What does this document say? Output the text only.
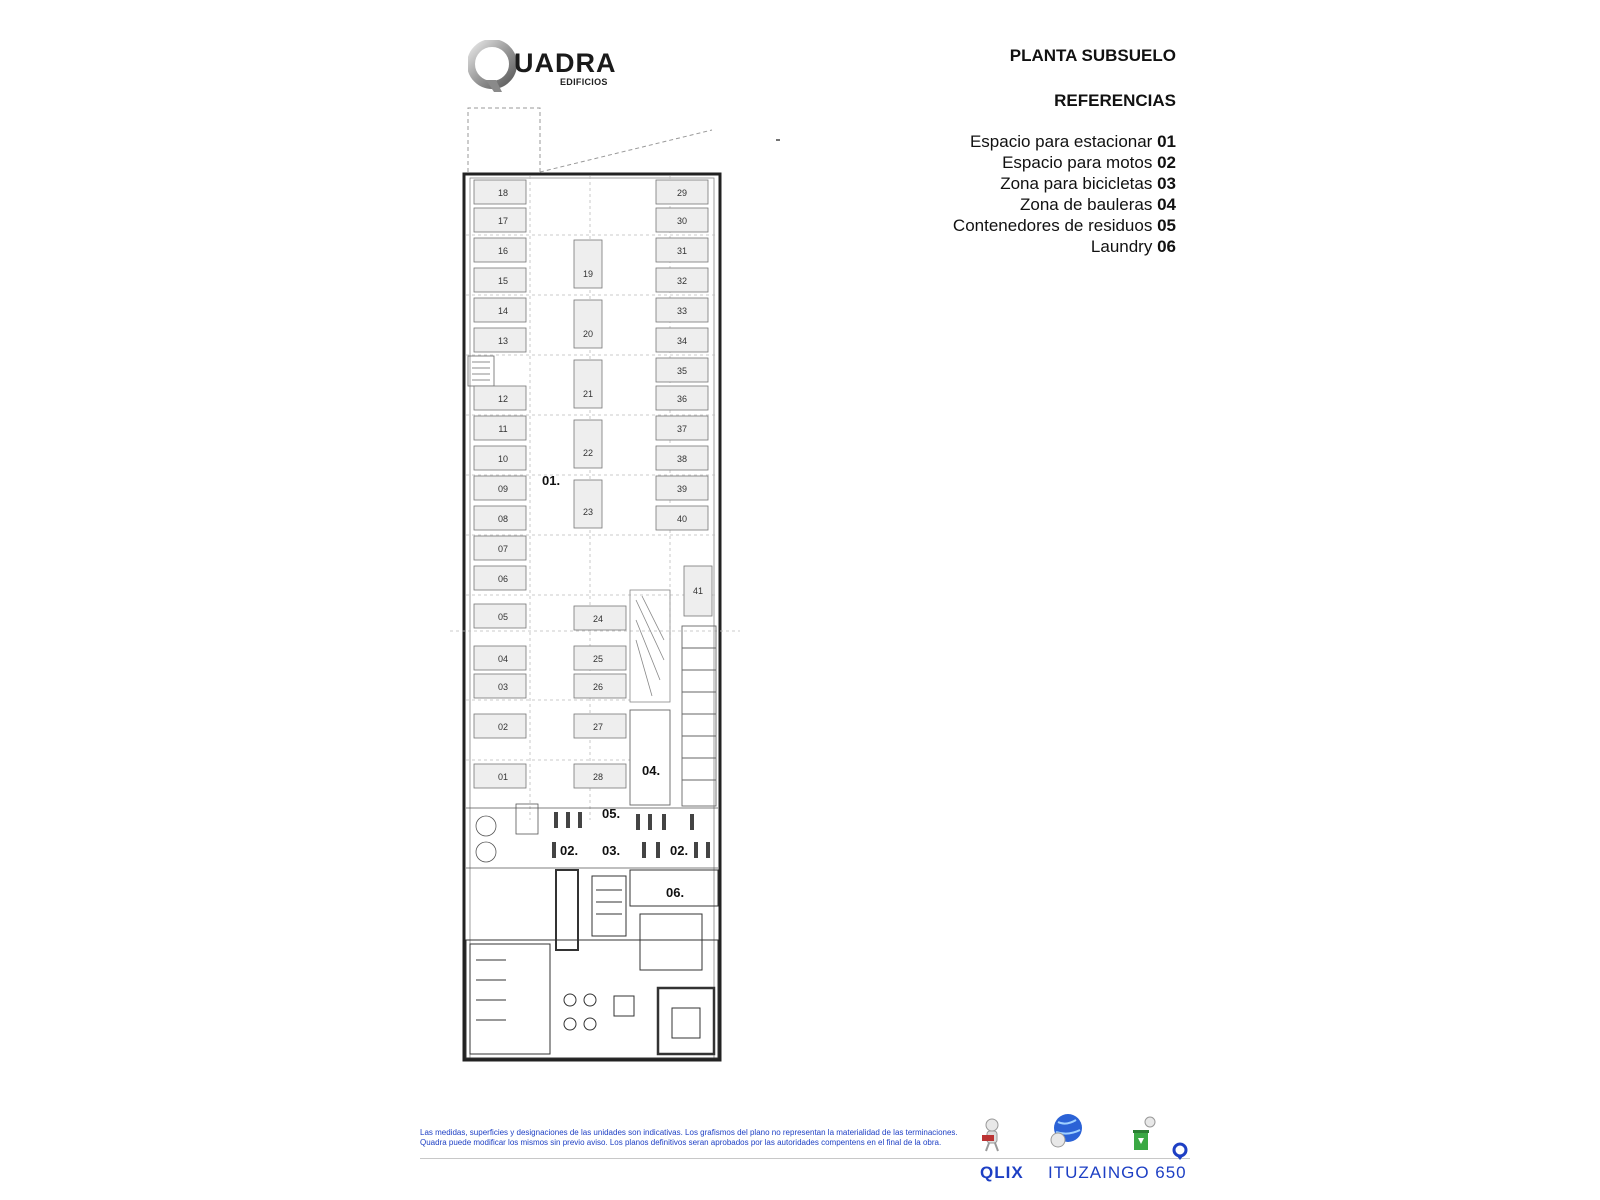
UADRA
EDIFICIOS
PLANTA SUBSUELO
REFERENCIAS
Espacio para estacionar 01
Espacio para motos 02
Zona para bicicletas 03
Zona de bauleras 04
Contenedores de residuos 05
Laundry 06
01
02
03
04
05
06
07
08
09
10
11
12
13
14
15
16
17
18
19
20
21
22
23
24
25
26
27
28
29
30
31
32
33
34
35
36
37
38
39
40
41
01.
04.
05.
02. 03.	02.
06.
Las medidas, superficies y designaciones de las unidades son indicativas. Los grafismos del plano no representan la materialidad de las terminaciones.
Quadra puede modificar los mismos sin previo aviso. Los planos definitivos seran aprobados por las autoridades compentens en el final de la obra.
QLIX ITUZAINGO 650
